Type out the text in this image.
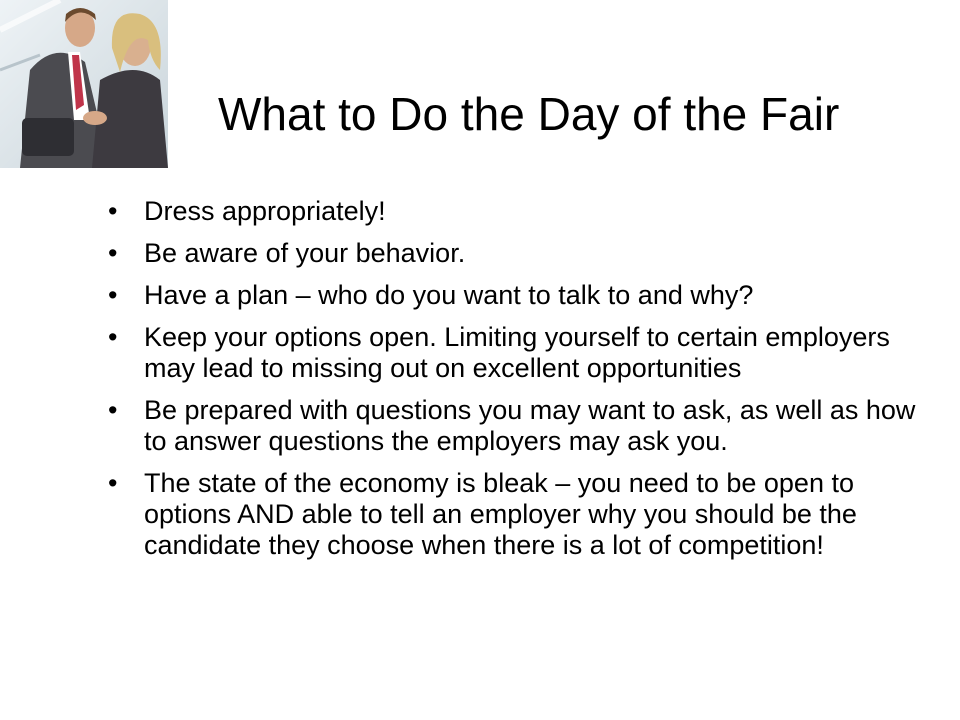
What to Do the Day of the Fair
• Dress appropriately!
• Be aware of your behavior.
• Have a plan – who do you want to talk to and why?
• Keep your options open. Limiting yourself to certain employers may lead to missing out on excellent opportunities
• Be prepared with questions you may want to ask, as well as how to answer questions the employers may ask you.
• The state of the economy is bleak – you need to be open to options AND able to tell an employer why you should be the candidate they choose when there is a lot of competition!
